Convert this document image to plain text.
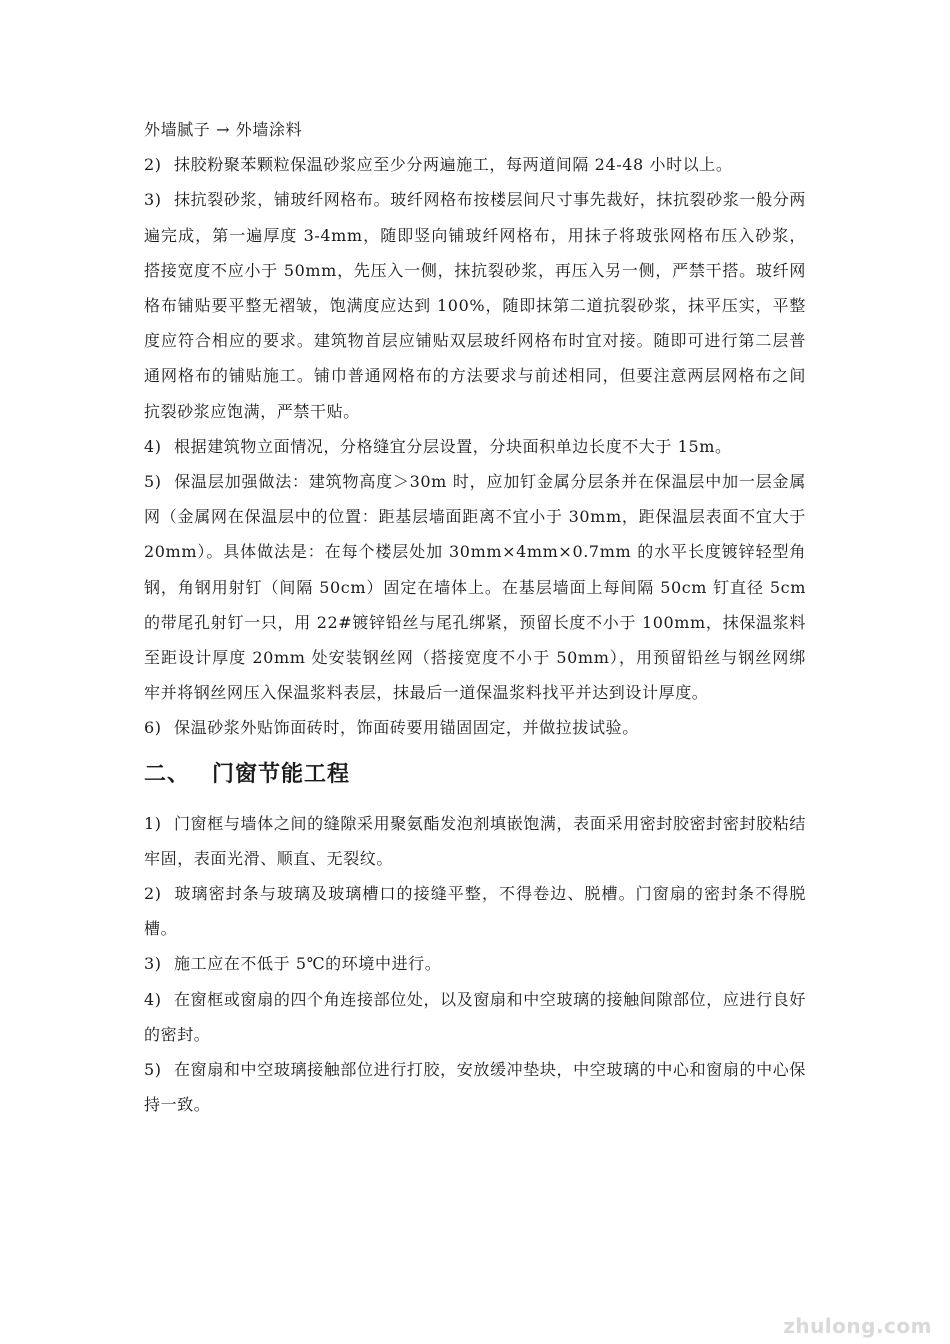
外墙腻子 → 外墙涂料

2) 抹胶粉聚苯颗粒保温砂浆应至少分两遍施工，每两道间隔 24-48 小时以上。

3) 抹抗裂砂浆，铺玻纤网格布。玻纤网格布按楼层间尺寸事先裁好，抹抗裂砂浆一般分两遍完成，第一遍厚度 3-4mm，随即竖向铺玻纤网格布，用抹子将玻张网格布压入砂浆，搭接宽度不应小于 50mm，先压入一侧，抹抗裂砂浆，再压入另一侧，严禁干搭。玻纤网格布铺贴要平整无褶皱，饱满度应达到 100%，随即抹第二道抗裂砂浆，抹平压实，平整度应符合相应的要求。建筑物首层应铺贴双层玻纤网格布时宜对接。随即可进行第二层普通网格布的铺贴施工。铺巾普通网格布的方法要求与前述相同，但要注意两层网格布之间抗裂砂浆应饱满，严禁干贴。

4) 根据建筑物立面情况，分格缝宜分层设置，分块面积单边长度不大于 15m。

5) 保温层加强做法：建筑物高度＞30m 时，应加钉金属分层条并在保温层中加一层金属网（金属网在保温层中的位置：距基层墙面距离不宜小于 30mm，距保温层表面不宜大于 20mm）。具体做法是：在每个楼层处加 30mm×4mm×0.7mm 的水平长度镀锌轻型角钢，角钢用射钉（间隔 50cm）固定在墙体上。在基层墙面上每间隔 50cm 钉直径 5cm 的带尾孔射钉一只，用 22#镀锌铅丝与尾孔绑紧，预留长度不小于 100mm，抹保温浆料至距设计厚度 20mm 处安装钢丝网（搭接宽度不小于 50mm），用预留铅丝与钢丝网绑牢并将钢丝网压入保温浆料表层，抹最后一道保温浆料找平并达到设计厚度。

6) 保温砂浆外贴饰面砖时，饰面砖要用锚固固定，并做拉拔试验。

二、 门窗节能工程

1) 门窗框与墙体之间的缝隙采用聚氨酯发泡剂填嵌饱满，表面采用密封胶密封密封胶粘结牢固，表面光滑、顺直、无裂纹。

2) 玻璃密封条与玻璃及玻璃槽口的接缝平整，不得卷边、脱槽。门窗扇的密封条不得脱槽。

3) 施工应在不低于 5℃的环境中进行。

4) 在窗框或窗扇的四个角连接部位处，以及窗扇和中空玻璃的接触间隙部位，应进行良好的密封。

5) 在窗扇和中空玻璃接触部位进行打胶，安放缓冲垫块，中空玻璃的中心和窗扇的中心保持一致。

zhulong.com
